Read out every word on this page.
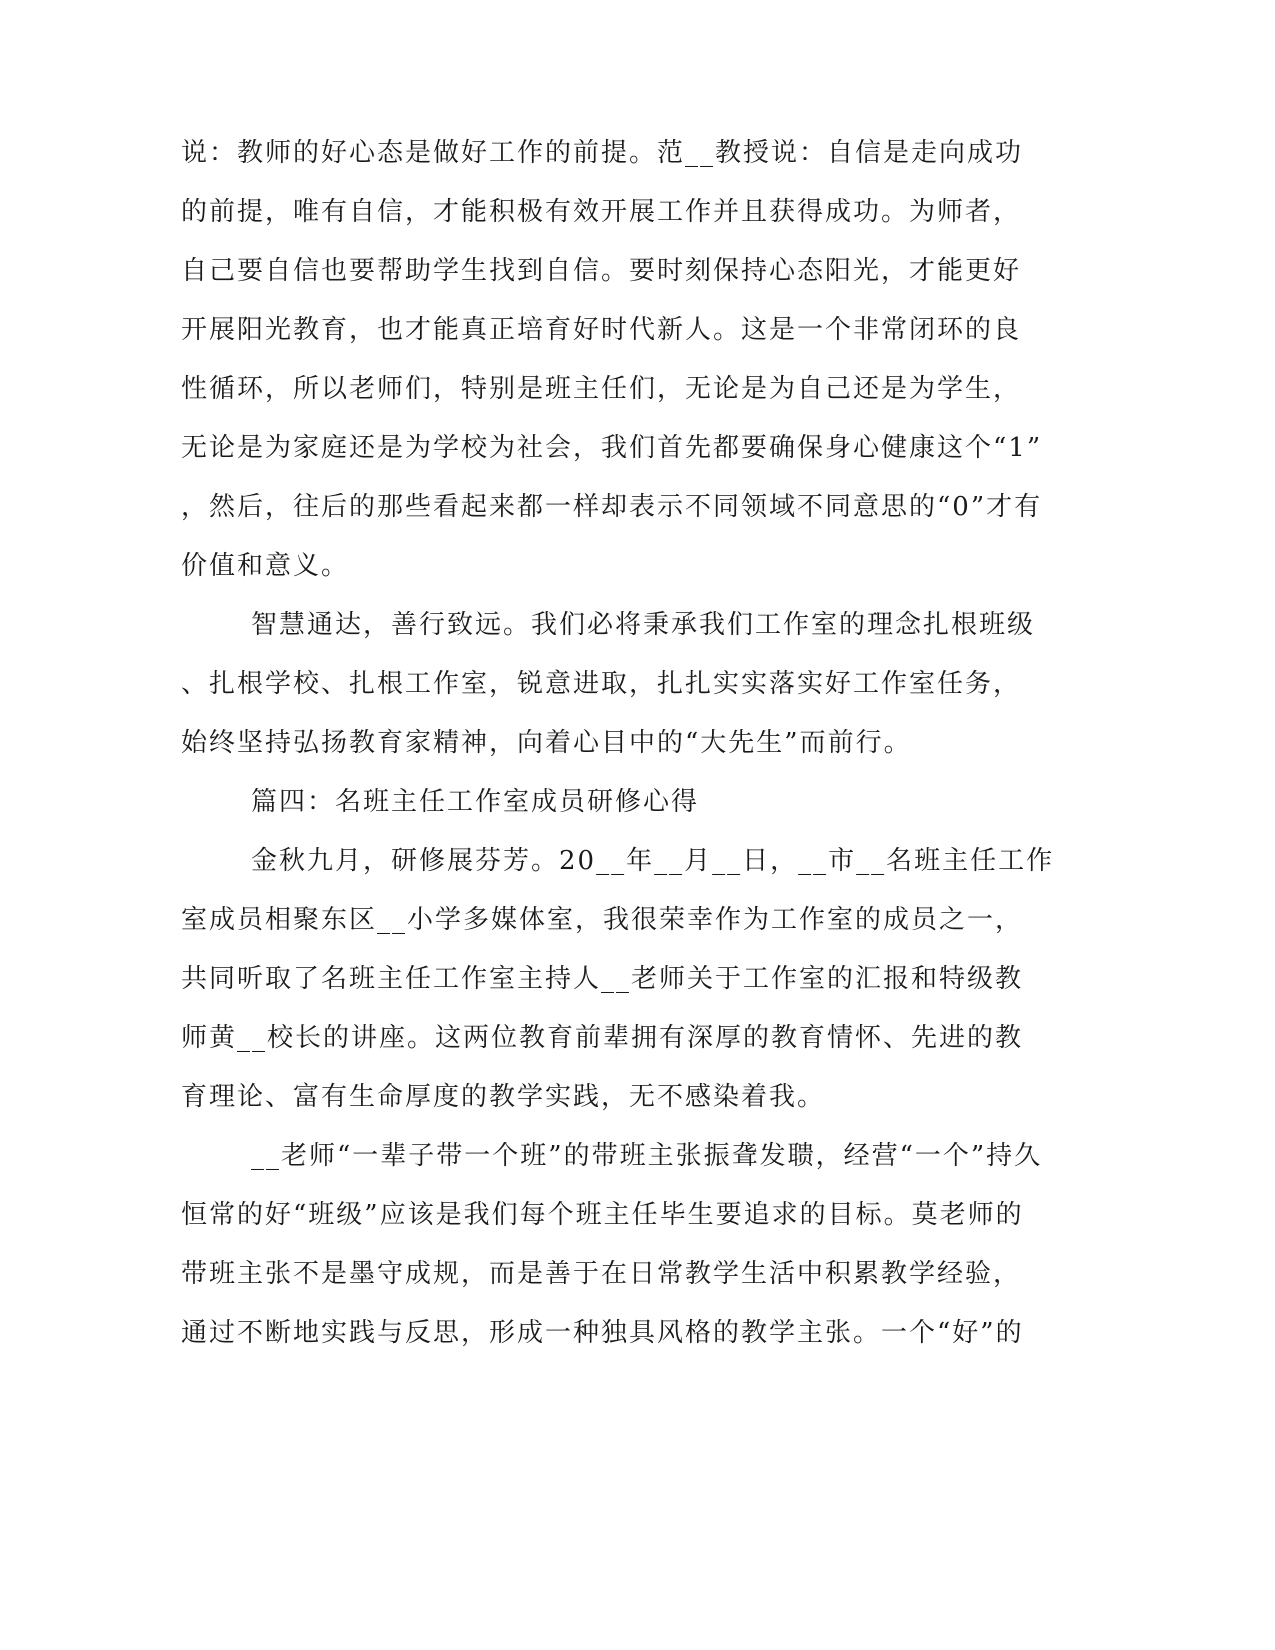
说：教师的好心态是做好工作的前提。范__教授说：自信是走向成功

的前提，唯有自信，才能积极有效开展工作并且获得成功。为师者，

自己要自信也要帮助学生找到自信。要时刻保持心态阳光，才能更好

开展阳光教育，也才能真正培育好时代新人。这是一个非常闭环的良

性循环，所以老师们，特别是班主任们，无论是为自己还是为学生，

无论是为家庭还是为学校为社会，我们首先都要确保身心健康这个“1”

，然后，往后的那些看起来都一样却表示不同领域不同意思的“0”才有

价值和意义。

智慧通达，善行致远。我们必将秉承我们工作室的理念扎根班级

、扎根学校、扎根工作室，锐意进取，扎扎实实落实好工作室任务，

始终坚持弘扬教育家精神，向着心目中的“大先生”而前行。

篇四：名班主任工作室成员研修心得

金秋九月，研修展芬芳。20__年__月__日，__市__名班主任工作

室成员相聚东区__小学多媒体室，我很荣幸作为工作室的成员之一，

共同听取了名班主任工作室主持人__老师关于工作室的汇报和特级教

师黄__校长的讲座。这两位教育前辈拥有深厚的教育情怀、先进的教

育理论、富有生命厚度的教学实践，无不感染着我。

__老师“一辈子带一个班”的带班主张振聋发聩，经营“一个”持久

恒常的好“班级”应该是我们每个班主任毕生要追求的目标。莫老师的

带班主张不是墨守成规，而是善于在日常教学生活中积累教学经验，

通过不断地实践与反思，形成一种独具风格的教学主张。一个“好”的
